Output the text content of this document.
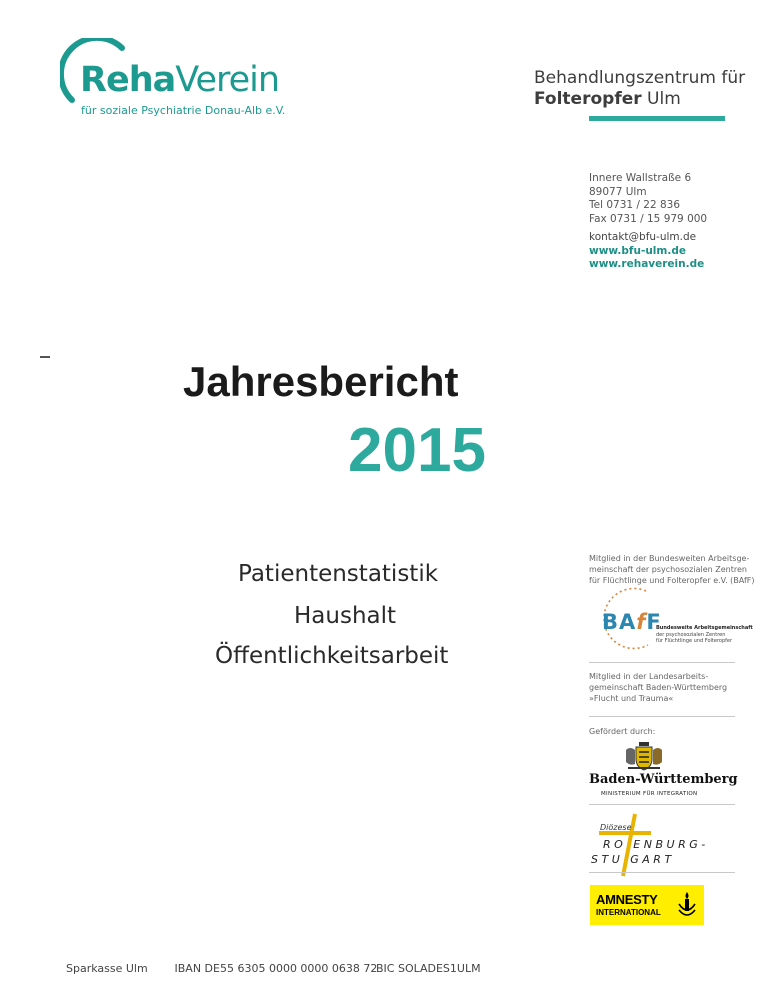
RehaVerein
für soziale Psychiatrie Donau-Alb e.V.
Behandlungszentrum für
Folteropfer Ulm
Innere Wallstraße 6
89077 Ulm
Tel 0731 / 22 836
Fax 0731 / 15 979 000
kontakt@bfu-ulm.de
www.bfu-ulm.de
www.rehaverein.de
Jahresbericht
2015
Patientenstatistik
Haushalt
Öffentlichkeitsarbeit
Mitglied in der Bundesweiten Arbeitsge-
meinschaft der psychosozialen Zentren
für Flüchtlinge und Folteropfer e.V. (BAfF)
BAfF
Bundesweite Arbeitsgemeinschaft
der psychosozialen Zentren
für Flüchtlinge und Folteropfer
Mitglied in der Landesarbeits-
gemeinschaft Baden-Württemberg
»Flucht und Trauma«
Gefördert durch:
Baden-Württemberg
MINISTERIUM FÜR INTEGRATION
Diözese
RO ENBURG-
STU GART
AMNESTY
INTERNATIONAL
Sparkasse Ulm IBAN DE55 6305 0000 0000 0638 72 BIC SOLADES1ULM
